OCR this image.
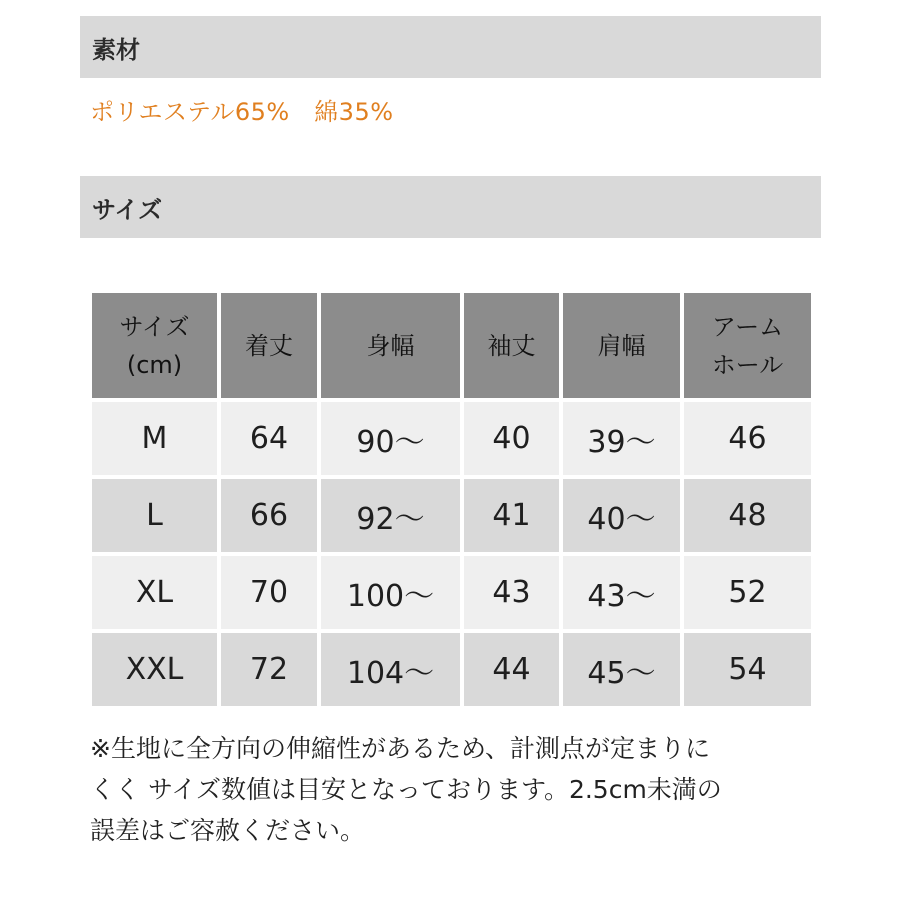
素材
ポリエステル65%　綿35%
サイズ
サイズ
(cm)	着丈	身幅	袖丈	肩幅	アーム
ホール

M	64	90〜	40	39〜	46
L	66	92〜	41	40〜	48
XL	70	100〜	43	43〜	52
XXL	72	104〜	44	45〜	54
※生地に全方向の伸縮性があるため、計測点が定まりに
くく サイズ数値は目安となっております。2.5cm未満の
誤差はご容赦ください。
